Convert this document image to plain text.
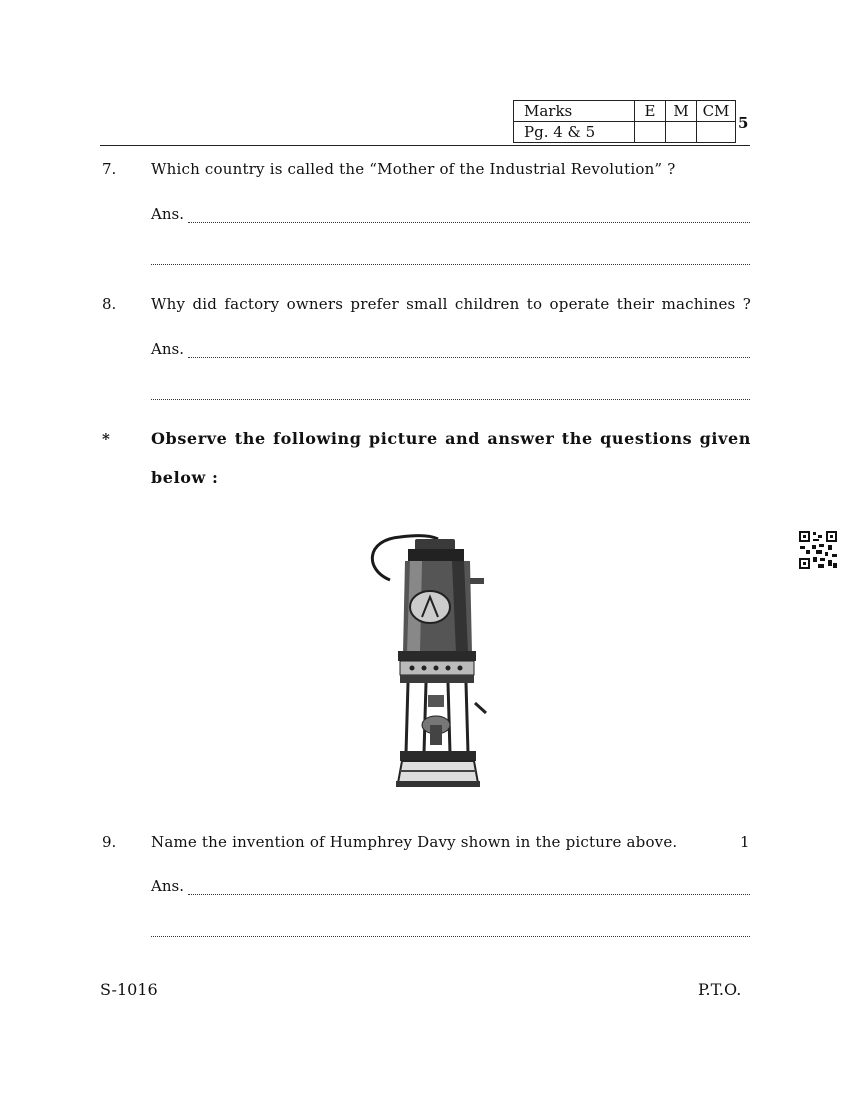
Marks	E	M	CM
Pg. 4 & 5				5
7. Which country is called the “Mother of the Industrial Revolution” ?
Ans.
8. Why did factory owners prefer small children to operate their machines ?
Ans.
*	Observe the following picture and answer the questions given
below :
9. Name the invention of Humphrey Davy shown in the picture above.	1
Ans.
S-1016	P.T.O.
